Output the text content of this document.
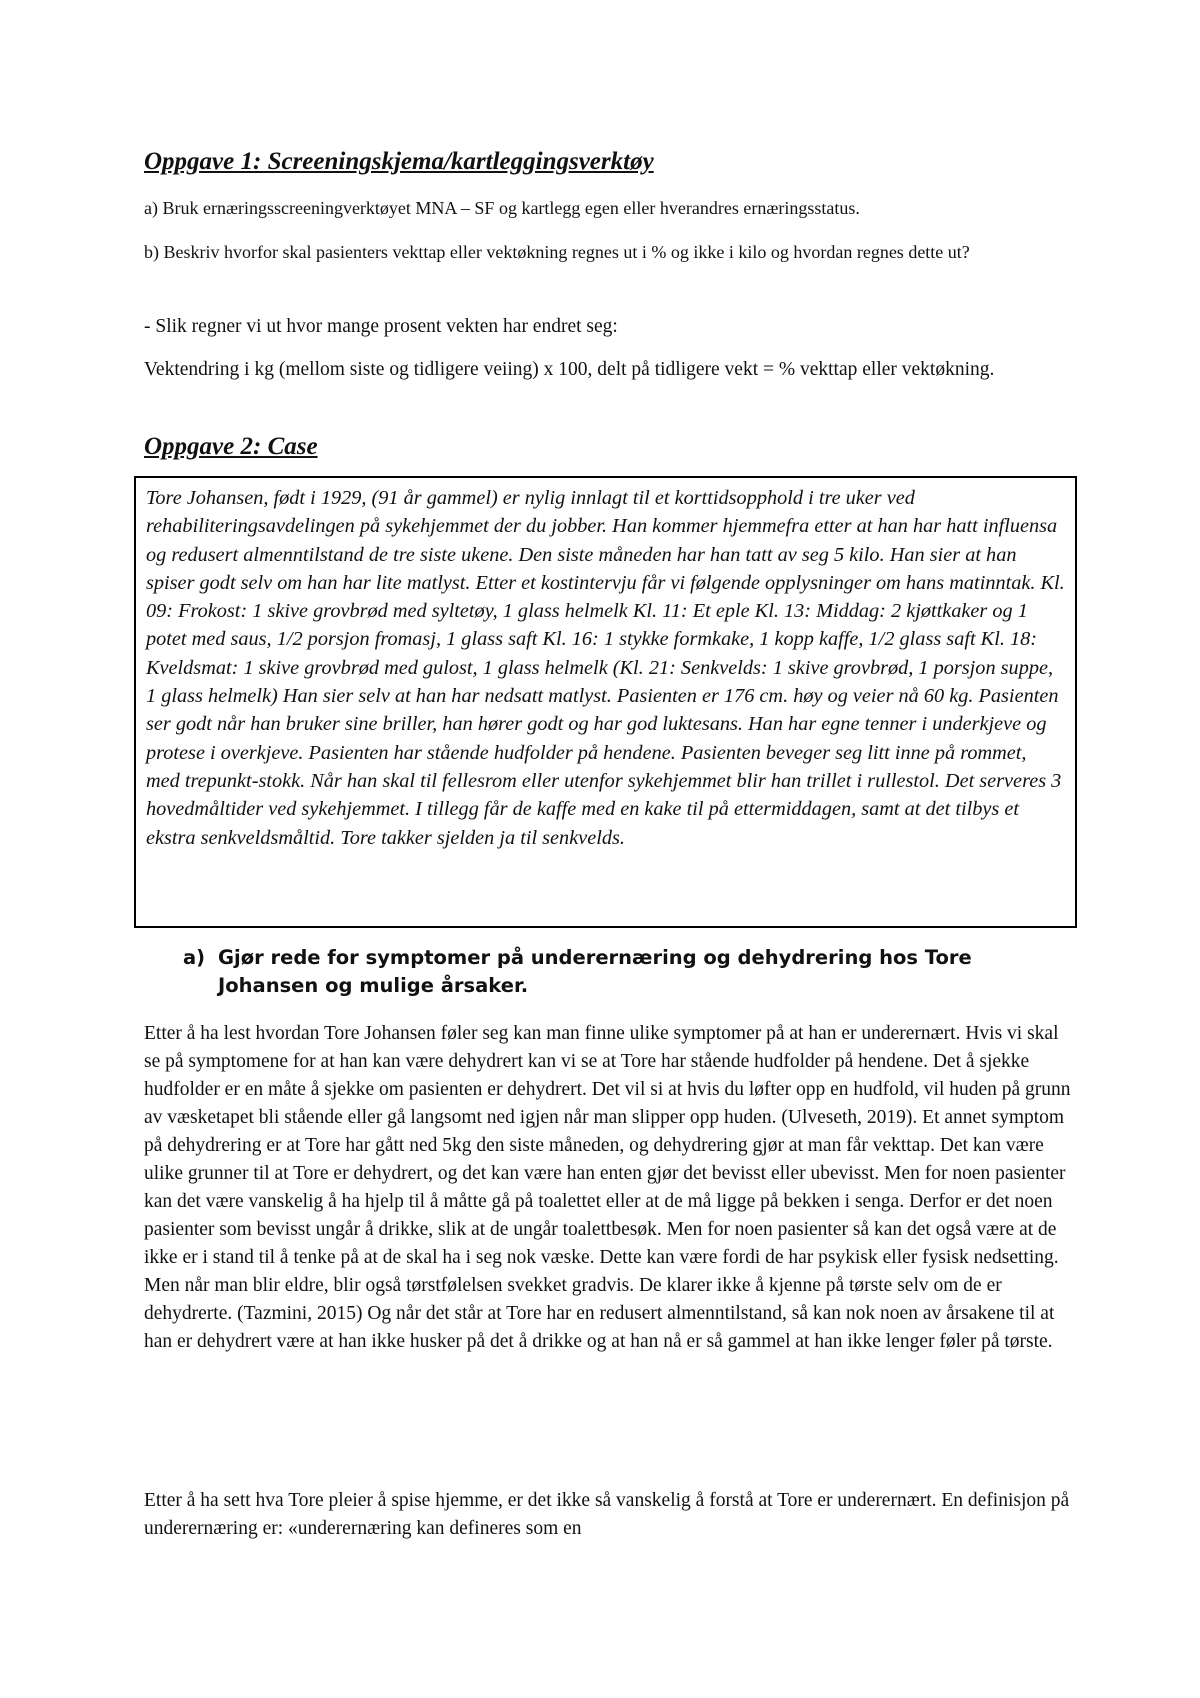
Oppgave 1: Screeningskjema/kartleggingsverktøy

a) Bruk ernæringsscreeningverktøyet MNA – SF og kartlegg egen eller hverandres ernæringsstatus.

b) Beskriv hvorfor skal pasienters vekttap eller vektøkning regnes ut i % og ikke i kilo og hvordan regnes dette ut?

- Slik regner vi ut hvor mange prosent vekten har endret seg:

Vektendring i kg (mellom siste og tidligere veiing) x 100, delt på tidligere vekt = % vekttap eller vektøkning.

Oppgave 2: Case

Tore Johansen, født i 1929, (91 år gammel) er nylig innlagt til et korttidsopphold i tre uker ved rehabiliteringsavdelingen på sykehjemmet der du jobber. Han kommer hjemmefra etter at han har hatt influensa og redusert almenntilstand de tre siste ukene. Den siste måneden har han tatt av seg 5 kilo. Han sier at han spiser godt selv om han har lite matlyst. Etter et kostintervju får vi følgende opplysninger om hans matinntak. Kl. 09: Frokost: 1 skive grovbrød med syltetøy, 1 glass helmelk Kl. 11: Et eple Kl. 13: Middag: 2 kjøttkaker og 1 potet med saus, 1/2 porsjon fromasj, 1 glass saft Kl. 16: 1 stykke formkake, 1 kopp kaffe, 1/2 glass saft Kl. 18: Kveldsmat: 1 skive grovbrød med gulost, 1 glass helmelk (Kl. 21: Senkvelds: 1 skive grovbrød, 1 porsjon suppe, 1 glass helmelk) Han sier selv at han har nedsatt matlyst. Pasienten er 176 cm. høy og veier nå 60 kg. Pasienten ser godt når han bruker sine briller, han hører godt og har god luktesans. Han har egne tenner i underkjeve og protese i overkjeve. Pasienten har stående hudfolder på hendene. Pasienten beveger seg litt inne på rommet, med trepunkt-stokk. Når han skal til fellesrom eller utenfor sykehjemmet blir han trillet i rullestol. Det serveres 3 hovedmåltider ved sykehjemmet. I tillegg får de kaffe med en kake til på ettermiddagen, samt at det tilbys et ekstra senkveldsmåltid. Tore takker sjelden ja til senkvelds.

a) Gjør rede for symptomer på underernæring og dehydrering hos Tore Johansen og mulige årsaker.

Etter å ha lest hvordan Tore Johansen føler seg kan man finne ulike symptomer på at han er underernært. Hvis vi skal se på symptomene for at han kan være dehydrert kan vi se at Tore har stående hudfolder på hendene. Det å sjekke hudfolder er en måte å sjekke om pasienten er dehydrert. Det vil si at hvis du løfter opp en hudfold, vil huden på grunn av væsketapet bli stående eller gå langsomt ned igjen når man slipper opp huden. (Ulveseth, 2019). Et annet symptom på dehydrering er at Tore har gått ned 5kg den siste måneden, og dehydrering gjør at man får vekttap. Det kan være ulike grunner til at Tore er dehydrert, og det kan være han enten gjør det bevisst eller ubevisst. Men for noen pasienter kan det være vanskelig å ha hjelp til å måtte gå på toalettet eller at de må ligge på bekken i senga. Derfor er det noen pasienter som bevisst ungår å drikke, slik at de ungår toalettbesøk. Men for noen pasienter så kan det også være at de ikke er i stand til å tenke på at de skal ha i seg nok væske. Dette kan være fordi de har psykisk eller fysisk nedsetting. Men når man blir eldre, blir også tørstfølelsen svekket gradvis. De klarer ikke å kjenne på tørste selv om de er dehydrerte. (Tazmini, 2015) Og når det står at Tore har en redusert almenntilstand, så kan nok noen av årsakene til at han er dehydrert være at han ikke husker på det å drikke og at han nå er så gammel at han ikke lenger føler på tørste.

Etter å ha sett hva Tore pleier å spise hjemme, er det ikke så vanskelig å forstå at Tore er underernært. En definisjon på underernæring er: «underernæring kan defineres som en
